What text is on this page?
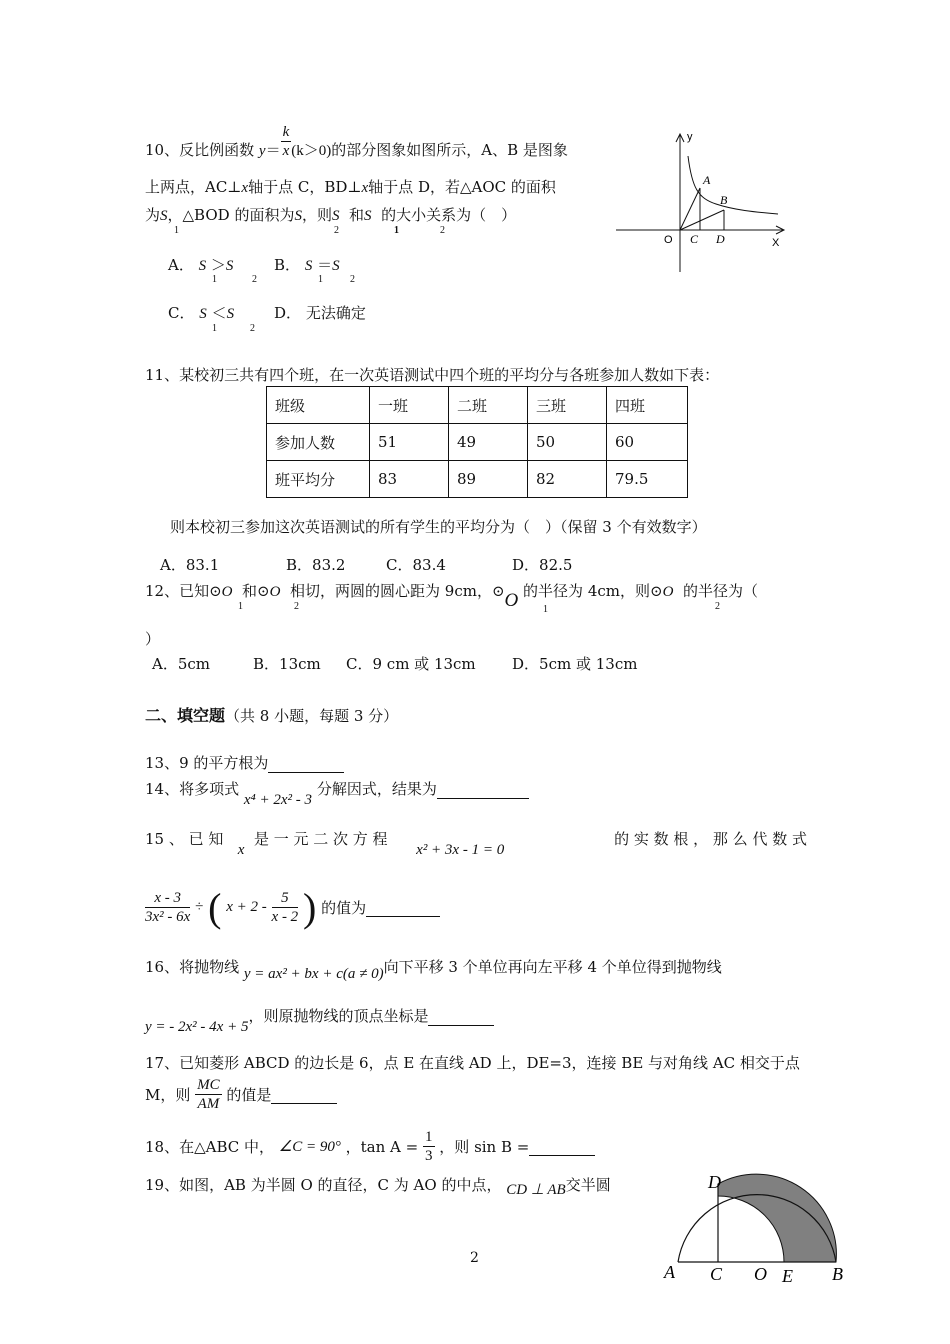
10、反比例函数 $y= \frac{k}{x} (k>0)$的部分图象如图所示，A、B 是图象
上两点，AC⊥x轴于点 C，BD⊥x轴于点 D，若△AOC 的面积
为S，△BOD 的面积为S，则S 和S 的大小关系为（　）
1	2	1	2
A． S ＞S	B． S ＝S
1	2	1	2
C． S ＜S	D． 无法确定
1	2
y
X
O
A
B
C D
11、某校初三共有四个班，在一次英语测试中四个班的平均分与各班参加人数如下表：
班级	一班	二班	三班	四班
参加人数	51	49	50	60
班平均分	83	89	82	79.5
则本校初三参加这次英语测试的所有学生的平均分为（　）（保留 3 个有效数字）
A．83.1	B．83.2	C．83.4	D．82.5
12、已知⊙O 和⊙O 相切，两圆的圆心距为 9cm，⊙O 的半径为 4cm，则⊙O 的半径为（
1	2	1	2
）
A．5cm	B．13cm C．9 cm 或 13cm D．5cm 或 13cm
二、填空题（共 8 小题，每题 3 分）
13、9 的平方根为
14、将多项式 x⁴ + 2x² - 3 分解因式，结果为
15 、 已 知   x  是 一 元 二 次 方 程      x² + 3x - 1 = 0
的 实 数 根 ， 那 么 代 数 式
$\frac{x - 3}{\text{3x² - 6x}}$ ÷ ( $x + 2 - \frac{5}{x - 2}$ ) 的值为
16、将抛物线 y = ax² + bx + c(a ≠ 0)向下平移 3 个单位再向左平移 4 个单位得到抛物线
y = - 2x² - 4x + 5，则原抛物线的顶点坐标是
17、已知菱形 ABCD 的边长是 6，点 E 在直线 AD 上，DE=3，连接 BE 与对角线 AC 相交于点
M，则 $\frac{MC}{AM}$ 的值是
18、在△ABC 中， ∠C = 90° ，$\tan A = \frac{1}{3}$ ，则 sin B =
19、如图，AB 为半圆 O 的直径，C 为 AO 的中点， CD ⊥ AB交半圆	D
A C O E B
2
